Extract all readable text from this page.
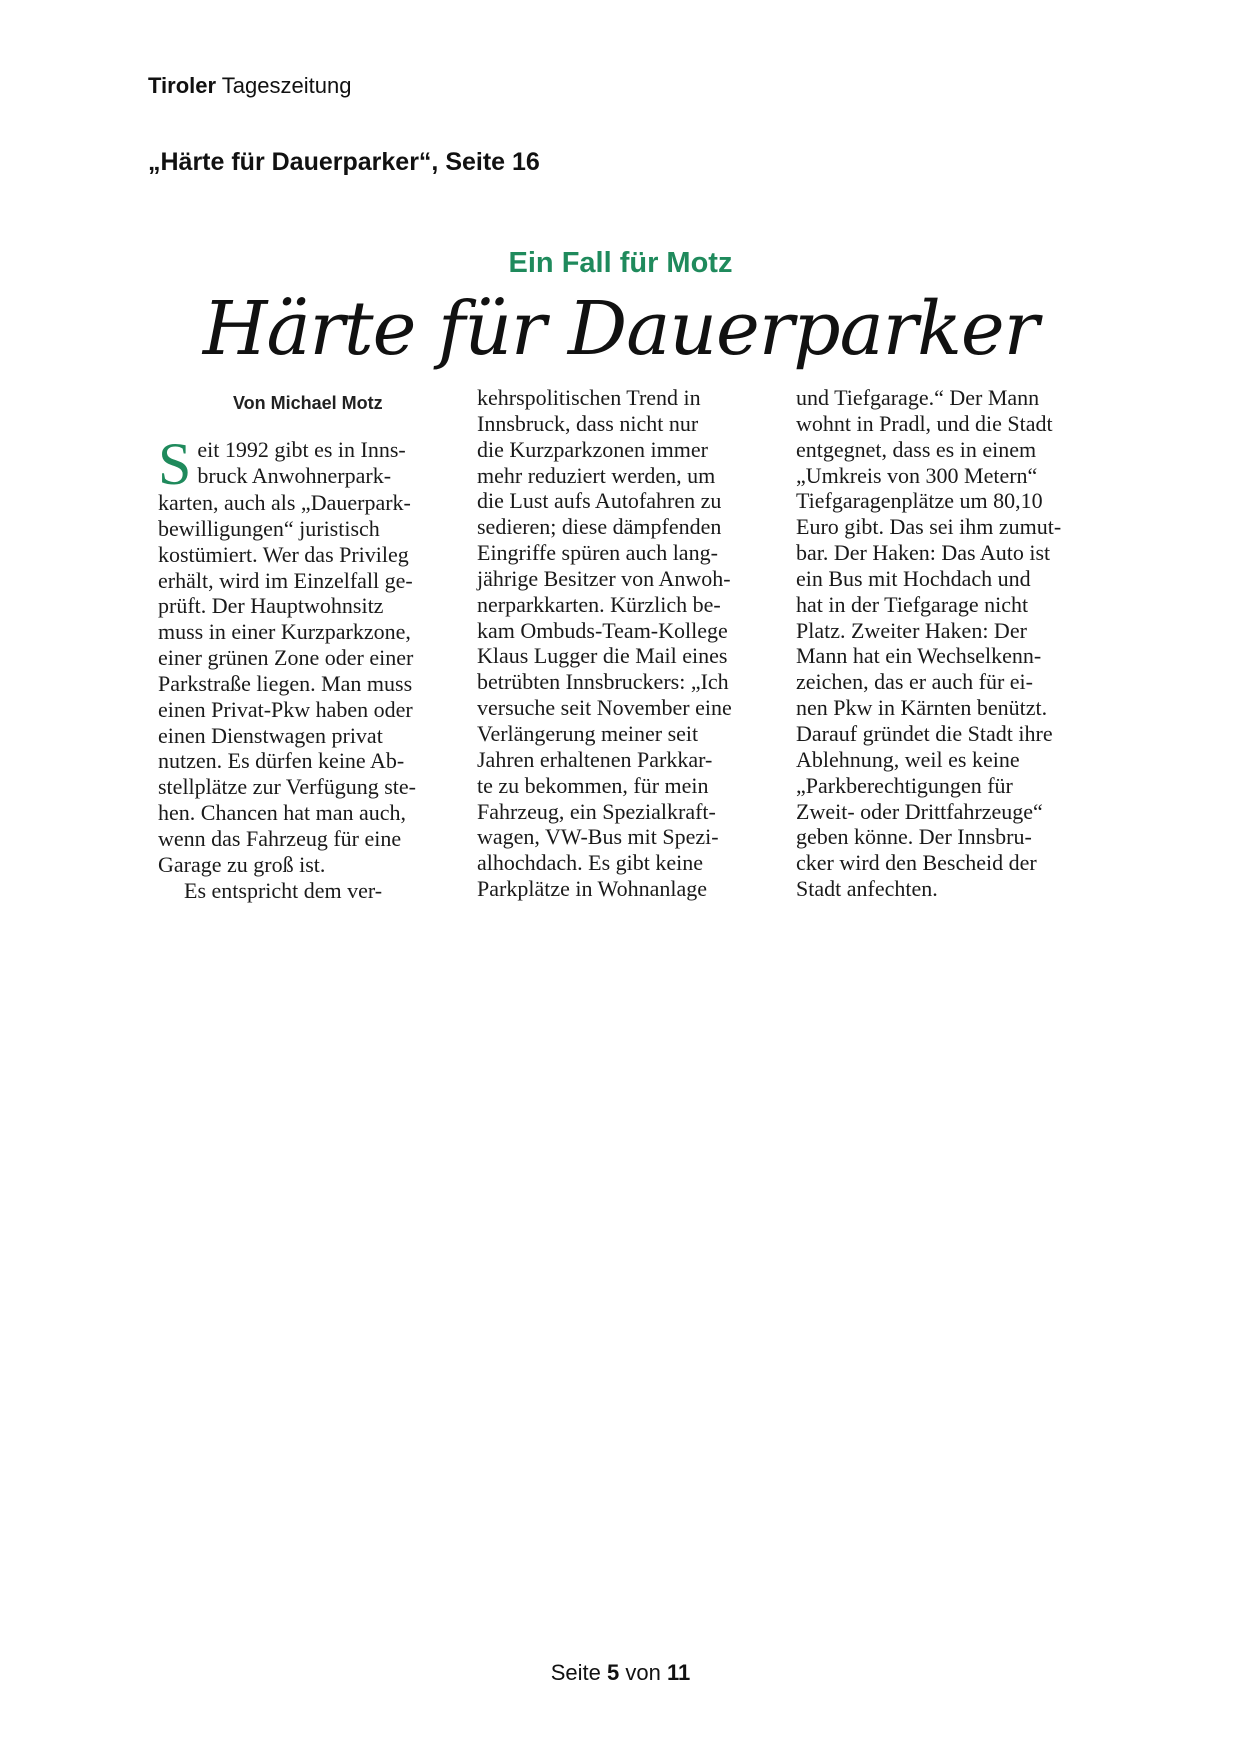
Tiroler Tageszeitung
„Härte für Dauerparker“, Seite 16
Ein Fall für Motz
Härte für Dauerparker
Von Michael Motz
S eit 1992 gibt es in Inns-
bruck Anwohnerpark-
karten, auch als „Dauerpark-
bewilligungen“ juristisch
kostümiert. Wer das Privileg
erhält, wird im Einzelfall ge-
prüft. Der Hauptwohnsitz
muss in einer Kurzparkzone,
einer grünen Zone oder einer
Parkstraße liegen. Man muss
einen Privat-Pkw haben oder
einen Dienstwagen privat
nutzen. Es dürfen keine Ab-
stellplätze zur Verfügung ste-
hen. Chancen hat man auch,
wenn das Fahrzeug für eine
Garage zu groß ist.
Es entspricht dem ver-
kehrspolitischen Trend in
Innsbruck, dass nicht nur
die Kurzparkzonen immer
mehr reduziert werden, um
die Lust aufs Autofahren zu
sedieren; diese dämpfenden
Eingriffe spüren auch lang-
jährige Besitzer von Anwoh-
nerparkkarten. Kürzlich be-
kam Ombuds-Team-Kollege
Klaus Lugger die Mail eines
betrübten Innsbruckers: „Ich
versuche seit November eine
Verlängerung meiner seit
Jahren erhaltenen Parkkar-
te zu bekommen, für mein
Fahrzeug, ein Spezialkraft-
wagen, VW-Bus mit Spezi-
alhochdach. Es gibt keine
Parkplätze in Wohnanlage
und Tiefgarage.“ Der Mann
wohnt in Pradl, und die Stadt
entgegnet, dass es in einem
„Umkreis von 300 Metern“
Tiefgaragenplätze um 80,10
Euro gibt. Das sei ihm zumut-
bar. Der Haken: Das Auto ist
ein Bus mit Hochdach und
hat in der Tiefgarage nicht
Platz. Zweiter Haken: Der
Mann hat ein Wechselkenn-
zeichen, das er auch für ei-
nen Pkw in Kärnten benützt.
Darauf gründet die Stadt ihre
Ablehnung, weil es keine
„Parkberechtigungen für
Zweit- oder Drittfahrzeuge“
geben könne. Der Innsbru-
cker wird den Bescheid der
Stadt anfechten.
Seite 5 von 11
